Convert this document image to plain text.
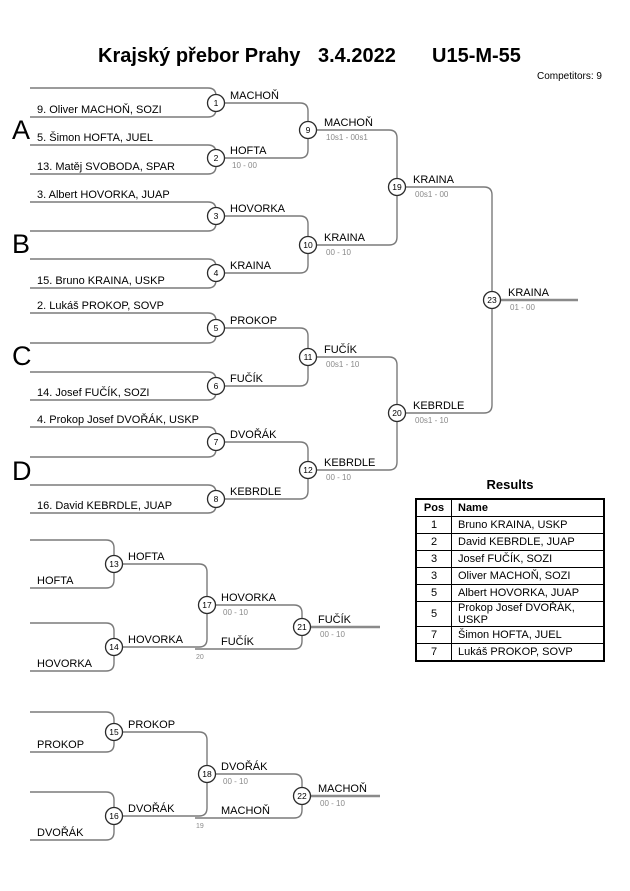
Krajský přebor Prahy 3.4.2022 U15-M-55
Competitors: 9
A
B
C
D
9. Oliver MACHOŇ, SOZI
5. Šimon HOFTA, JUEL
13. Matěj SVOBODA, SPAR
3. Albert HOVORKA, JUAP
15. Bruno KRAINA, USKP
2. Lukáš PROKOP, SOVP
14. Josef FUČÍK, SOZI
4. Prokop Josef DVOŘÁK, USKP
16. David KEBRDLE, JUAP
MACHOŇ
HOFTA
10 - 00
HOVORKA
KRAINA
PROKOP
FUČÍK
DVOŘÁK
KEBRDLE
MACHOŇ
10s1 - 00s1
KRAINA
00 - 10
FUČÍK
00s1 - 10
KEBRDLE
00 - 10
KRAINA
00s1 - 00
KEBRDLE
00s1 - 10
KRAINA
01 - 00
HOFTA
HOVORKA
HOFTA
HOVORKA
HOVORKA
00 - 10
FUČÍK
20
FUČÍK
00 - 10
PROKOP
DVOŘÁK
PROKOP
DVOŘÁK
DVOŘÁK
00 - 10
MACHOŇ
19
MACHOŇ
00 - 10
1
2
3
4
5
6
7
8
9
10
11
12
19
20
23
13
14
17
21
15
16
18
22
Results
Pos	Name
1	Bruno KRAINA, USKP
2	David KEBRDLE, JUAP
3	Josef FUČÍK, SOZI
3	Oliver MACHOŇ, SOZI
5	Albert HOVORKA, JUAP
5	Prokop Josef DVOŘÁK, USKP
7	Šimon HOFTA, JUEL
7	Lukáš PROKOP, SOVP
